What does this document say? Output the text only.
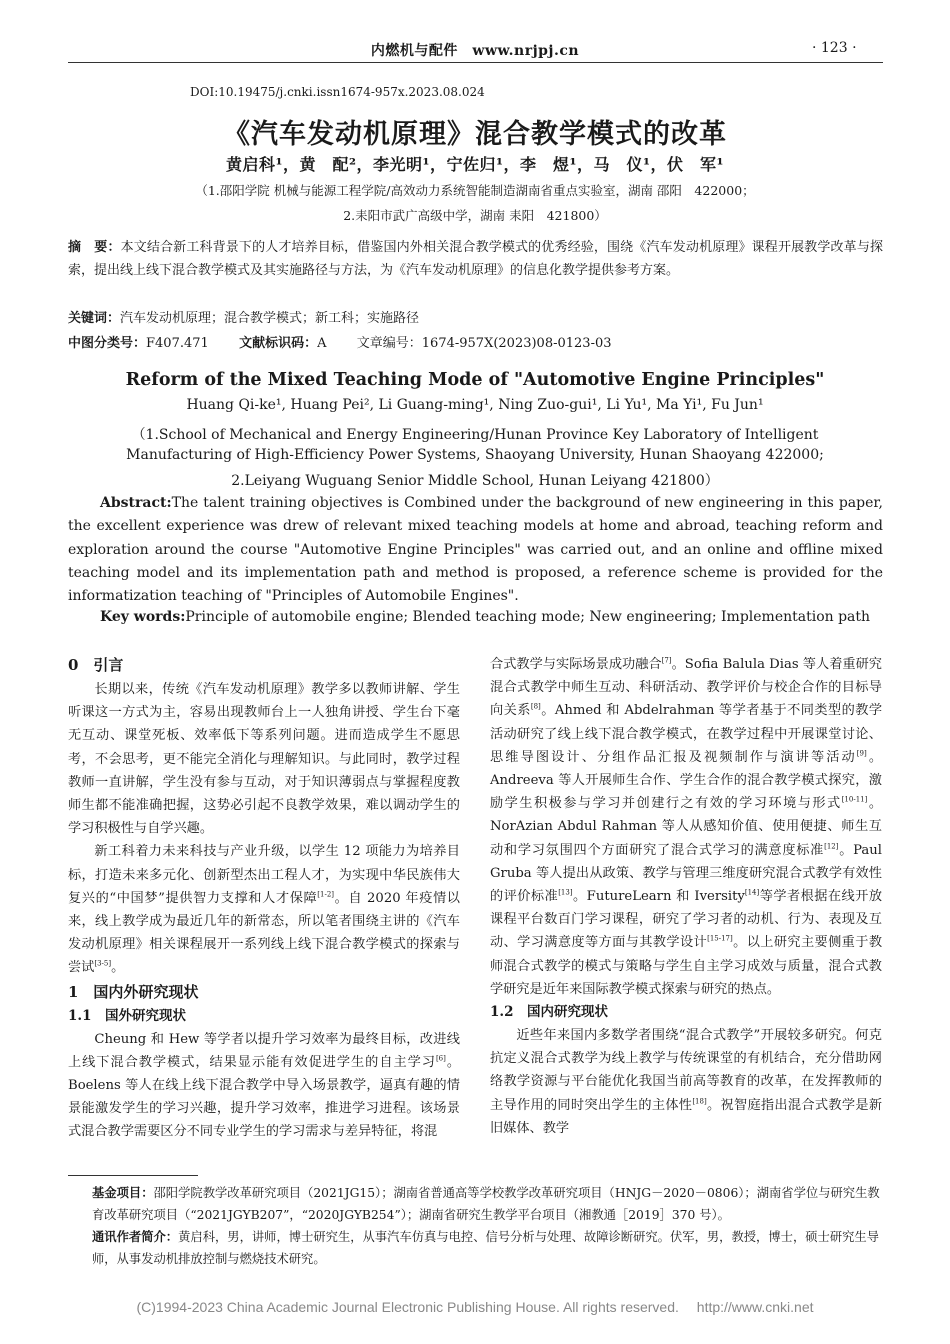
内燃机与配件　www.nrjpj.cn	· 123 ·
DOI:10.19475/j.cnki.issn1674-957x.2023.08.024
《汽车发动机原理》混合教学模式的改革
黄启科¹，黄　配²，李光明¹，宁佐归¹，李　煜¹，马　仪¹，伏　军¹
（1.邵阳学院 机械与能源工程学院/高效动力系统智能制造湖南省重点实验室，湖南 邵阳　422000；
2.耒阳市武广高级中学，湖南 耒阳　421800）
摘　要：本文结合新工科背景下的人才培养目标，借鉴国内外相关混合教学模式的优秀经验，围绕《汽车发动机原理》课程开展教学改革与探索，提出线上线下混合教学模式及其实施路径与方法，为《汽车发动机原理》的信息化教学提供参考方案。
关键词：汽车发动机原理；混合教学模式；新工科；实施路径
中图分类号：F407.471 文献标识码：A 文章编号：1674-957X(2023)08-0123-03
Reform of the Mixed Teaching Mode of "Automotive Engine Principles"
Huang Qi-ke¹, Huang Pei², Li Guang-ming¹, Ning Zuo-gui¹, Li Yu¹, Ma Yi¹, Fu Jun¹
（1.School of Mechanical and Energy Engineering/Hunan Province Key Laboratory of Intelligent
Manufacturing of High-Efficiency Power Systems, Shaoyang University, Hunan Shaoyang 422000;
2.Leiyang Wuguang Senior Middle School, Hunan Leiyang 421800）
Abstract:The talent training objectives is Combined under the background of new engineering in this paper, the excellent experience was drew of relevant mixed teaching models at home and abroad, teaching reform and exploration around the course "Automotive Engine Principles" was carried out, and an online and offline mixed teaching model and its implementation path and method is proposed, a reference scheme is provided for the informatization teaching of "Principles of Automobile Engines".
Key words:Principle of automobile engine; Blended teaching mode; New engineering; Implementation path
0　引言

长期以来，传统《汽车发动机原理》教学多以教师讲解、学生听课这一方式为主，容易出现教师台上一人独角讲授、学生台下毫无互动、课堂死板、效率低下等系列问题。进而造成学生不愿思考，不会思考，更不能完全消化与理解知识。与此同时，教学过程教师一直讲解，学生没有参与互动，对于知识薄弱点与掌握程度教师生都不能准确把握，这势必引起不良教学效果，难以调动学生的学习积极性与自学兴趣。

新工科着力未来科技与产业升级，以学生 12 项能力为培养目标，打造未来多元化、创新型杰出工程人才，为实现中华民族伟大复兴的“中国梦”提供智力支撑和人才保障[1-2]。自 2020 年疫情以来，线上教学成为最近几年的新常态，所以笔者围绕主讲的《汽车发动机原理》相关课程展开一系列线上线下混合教学模式的探索与尝试[3-5]。

1　国内外研究现状
1.1　国外研究现状

Cheung 和 Hew 等学者以提升学习效率为最终目标，改进线上线下混合教学模式，结果显示能有效促进学生的自主学习[6]。Boelens 等人在线上线下混合教学中导入场景教学，逼真有趣的情景能激发学生的学习兴趣，提升学习效率，推进学习进程。该场景式混合教学需要区分不同专业学生的学习需求与差异特征，将混

合式教学与实际场景成功融合[7]。Sofia Balula Dias 等人着重研究混合式教学中师生互动、科研活动、教学评价与校企合作的目标导向关系[8]。Ahmed 和 Abdelrahman 等学者基于不同类型的教学活动研究了线上线下混合教学模式，在教学过程中开展课堂讨论、思维导图设计、分组作品汇报及视频制作与演讲等活动[9]。Andreeva 等人开展师生合作、学生合作的混合教学模式探究，激励学生积极参与学习并创建行之有效的学习环境与形式[10-11]。NorAzian Abdul Rahman 等人从感知价值、使用便捷、师生互动和学习氛围四个方面研究了混合式学习的满意度标准[12]。Paul Gruba 等人提出从政策、教学与管理三维度研究混合式教学有效性的评价标准[13]。FutureLearn 和 Iversity[14]等学者根据在线开放课程平台数百门学习课程，研究了学习者的动机、行为、表现及互动、学习满意度等方面与其教学设计[15-17]。以上研究主要侧重于教师混合式教学的模式与策略与学生自主学习成效与质量，混合式教学研究是近年来国际教学模式探索与研究的热点。

1.2　国内研究现状

近些年来国内多数学者围绕“混合式教学”开展较多研究。何克抗定义混合式教学为线上教学与传统课堂的有机结合，充分借助网络教学资源与平台能优化我国当前高等教育的改革，在发挥教师的主导作用的同时突出学生的主体性[18]。祝智庭指出混合式教学是新旧媒体、教学

基金项目：邵阳学院教学改革研究项目（2021JG15）；湖南省普通高等学校教学改革研究项目（HNJG－2020－0806）；湖南省学位与研究生教育改革研究项目（“2021JGYB207”，“2020JGYB254”）；湖南省研究生教学平台项目（湘教通［2019］370 号）。

通讯作者简介：黄启科，男，讲师，博士研究生，从事汽车仿真与电控、信号分析与处理、故障诊断研究。伏军，男，教授，博士，硕士研究生导师，从事发动机排放控制与燃烧技术研究。

(C)1994-2023 China Academic Journal Electronic Publishing House. All rights reserved.　 http://www.cnki.net
